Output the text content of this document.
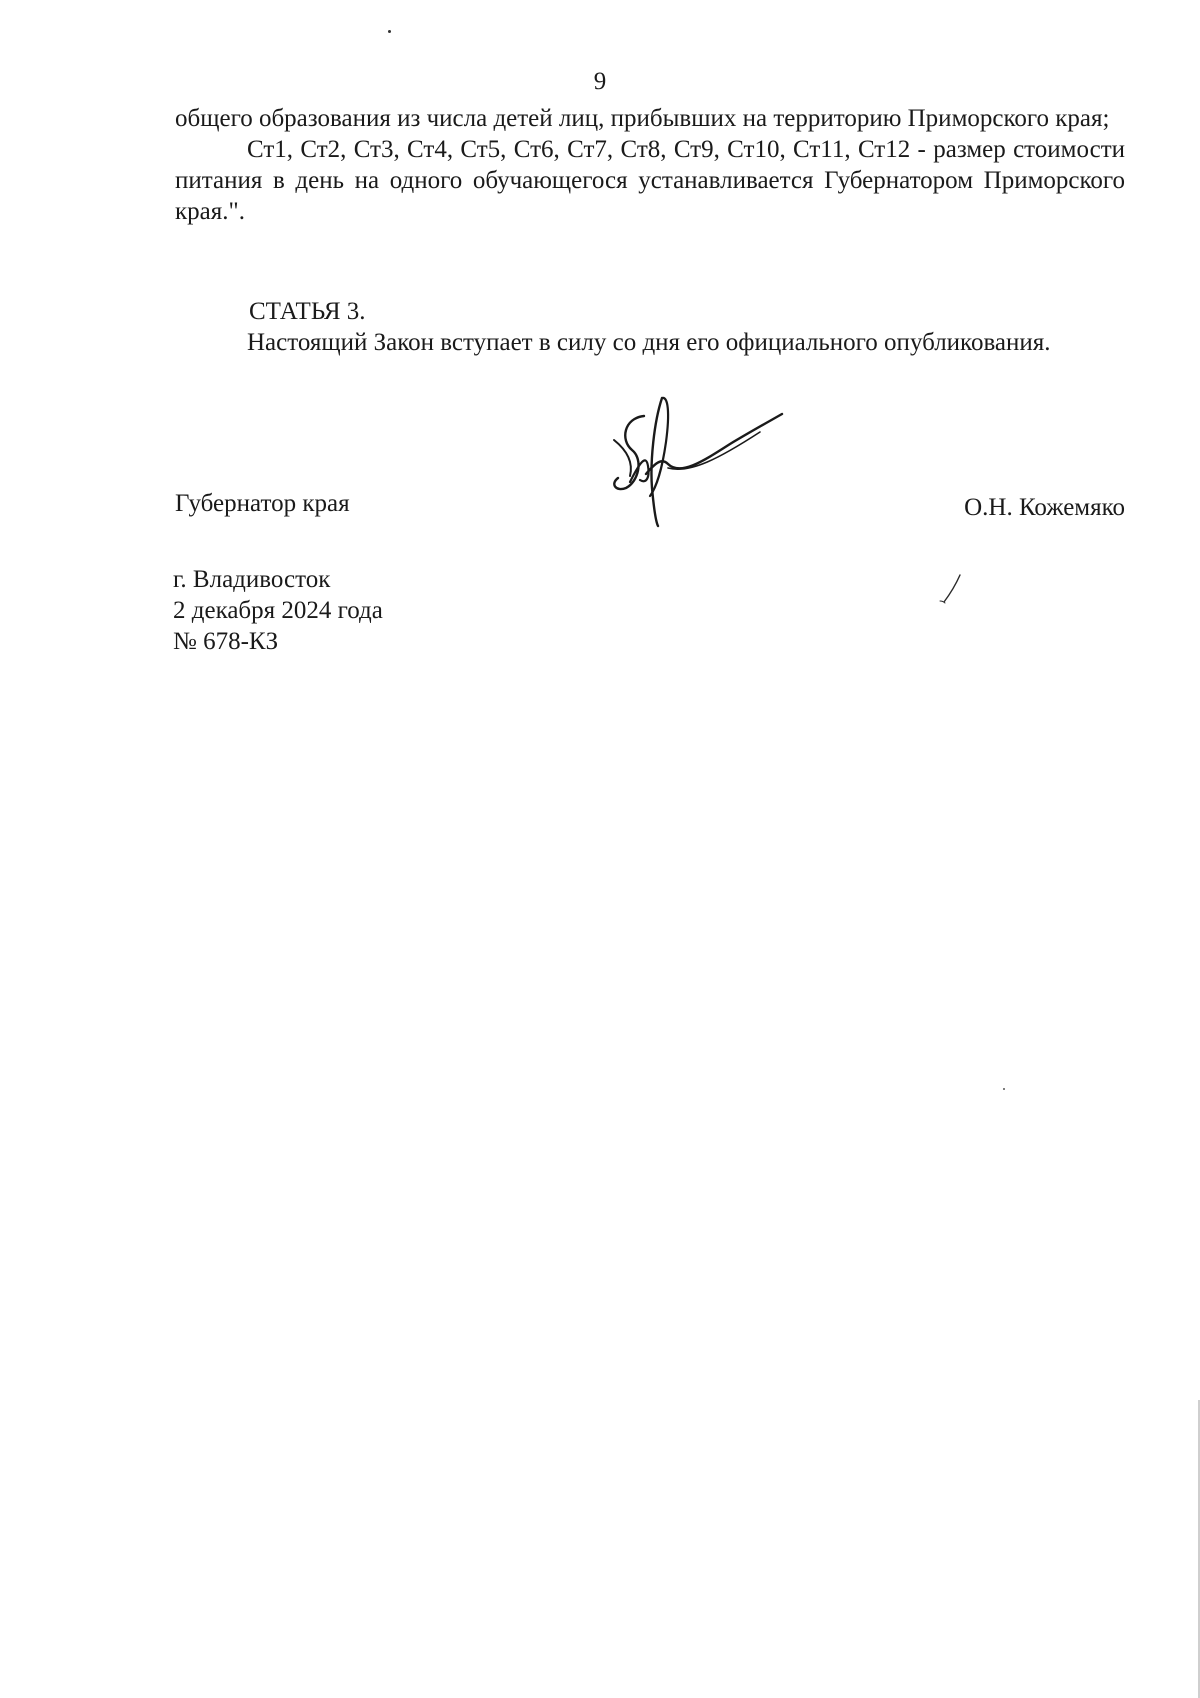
9

общего образования из числа детей лиц, прибывших на территорию Приморского края;

Ст1, Ст2, Ст3, Ст4, Ст5, Ст6, Ст7, Ст8, Ст9, Ст10, Ст11, Ст12 - размер стоимости питания в день на одного обучающегося устанавливается Губернатором Приморского края.".

СТАТЬЯ 3.

Настоящий Закон вступает в силу со дня его официального опубликования.

Губернатор края	О.Н. Кожемяко
г. Владивосток
2 декабря 2024 года
№ 678-КЗ
